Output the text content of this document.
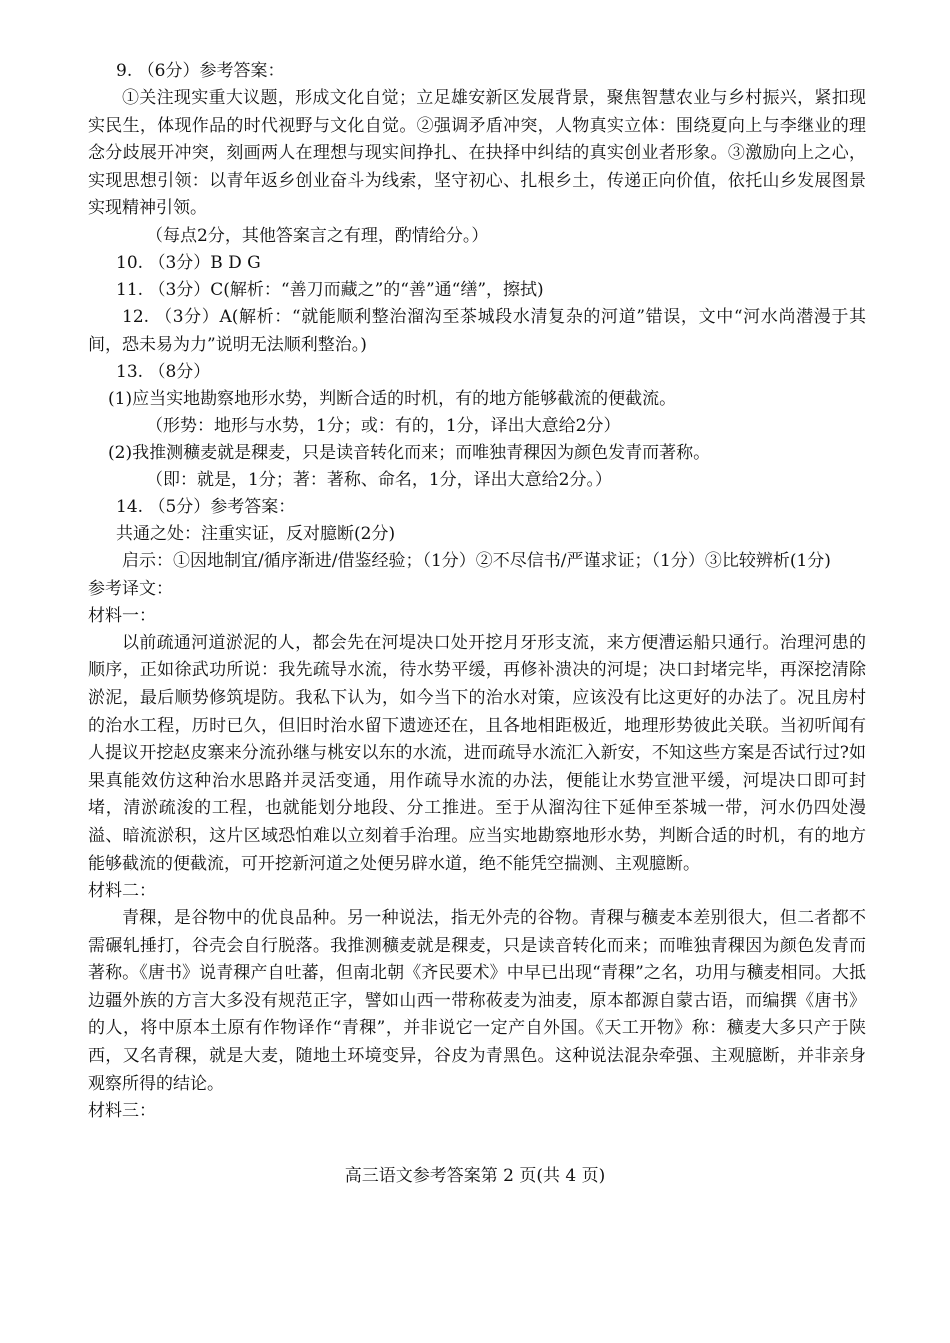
9. （6分）参考答案：
①关注现实重大议题，形成文化自觉；立足雄安新区发展背景，聚焦智慧农业与乡村振兴，紧扣现实民生，体现作品的时代视野与文化自觉。②强调矛盾冲突，人物真实立体：围绕夏向上与李继业的理念分歧展开冲突，刻画两人在理想与现实间挣扎、在抉择中纠结的真实创业者形象。③激励向上之心，实现思想引领：以青年返乡创业奋斗为线索，坚守初心、扎根乡土，传递正向价值，依托山乡发展图景实现精神引领。
（每点2分，其他答案言之有理，酌情给分。）
10. （3分）B D G
11. （3分）C(解析：“善刀而藏之”的“善”通“缮”，擦拭)
12. （3分）A(解析：“就能顺利整治溜沟至茶城段水清复杂的河道”错误，文中“河水尚潜漫于其间，恐未易为力”说明无法顺利整治。)
13. （8分）
(1)应当实地勘察地形水势，判断合适的时机，有的地方能够截流的便截流。
（形势：地形与水势，1分；或：有的，1分，译出大意给2分）
(2)我推测穬麦就是稞麦，只是读音转化而来；而唯独青稞因为颜色发青而著称。
（即：就是，1分；著：著称、命名，1分，译出大意给2分。）
14. （5分）参考答案：
共通之处：注重实证，反对臆断(2分)
启示：①因地制宜/循序渐进/借鉴经验；（1分）②不尽信书/严谨求证；（1分）③比较辨析(1分)
参考译文：
材料一：
以前疏通河道淤泥的人，都会先在河堤决口处开挖月牙形支流，来方便漕运船只通行。治理河患的顺序，正如徐武功所说：我先疏导水流，待水势平缓，再修补溃决的河堤；决口封堵完毕，再深挖清除淤泥，最后顺势修筑堤防。我私下认为，如今当下的治水对策，应该没有比这更好的办法了。况且房村的治水工程，历时已久，但旧时治水留下遗迹还在，且各地相距极近，地理形势彼此关联。当初听闻有人提议开挖赵皮寨来分流孙继与桃安以东的水流，进而疏导水流汇入新安，不知这些方案是否试行过?如果真能效仿这种治水思路并灵活变通，用作疏导水流的办法，便能让水势宣泄平缓，河堤决口即可封堵，清淤疏浚的工程，也就能划分地段、分工推进。至于从溜沟往下延伸至茶城一带，河水仍四处漫溢、暗流淤积，这片区域恐怕难以立刻着手治理。应当实地勘察地形水势，判断合适的时机，有的地方能够截流的便截流，可开挖新河道之处便另辟水道，绝不能凭空揣测、主观臆断。
材料二：
青稞，是谷物中的优良品种。另一种说法，指无外壳的谷物。青稞与穬麦本差别很大，但二者都不需碾轧捶打，谷壳会自行脱落。我推测穬麦就是稞麦，只是读音转化而来；而唯独青稞因为颜色发青而著称。《唐书》说青稞产自吐蕃，但南北朝《齐民要术》中早已出现“青稞”之名，功用与穬麦相同。大抵边疆外族的方言大多没有规范正字，譬如山西一带称莜麦为油麦，原本都源自蒙古语，而编撰《唐书》的人，将中原本土原有作物译作“青稞”，并非说它一定产自外国。《天工开物》称：穬麦大多只产于陕西，又名青稞，就是大麦，随地土环境变异，谷皮为青黑色。这种说法混杂牵强、主观臆断，并非亲身观察所得的结论。
材料三：
高三语文参考答案第 2 页(共 4 页)
